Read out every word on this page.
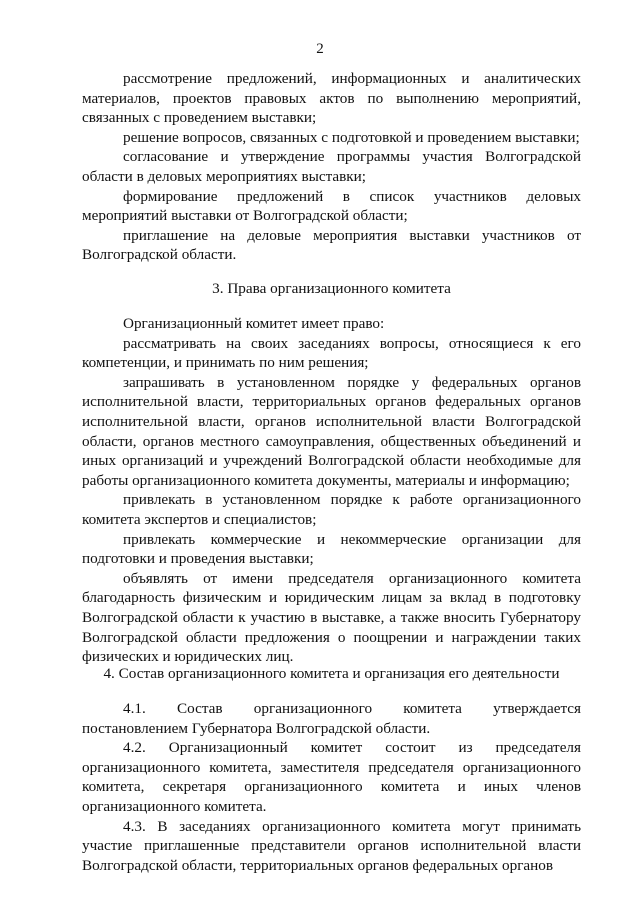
2

рассмотрение предложений, информационных и аналитических материалов, проектов правовых актов по выполнению мероприятий, связанных с проведением выставки;

решение вопросов, связанных с подготовкой и проведением выставки;

согласование и утверждение программы участия Волгоградской области в деловых мероприятиях выставки;

формирование предложений в список участников деловых мероприятий выставки от Волгоградской области;

приглашение на деловые мероприятия выставки участников от Волгоградской области.

3. Права организационного комитета

Организационный комитет имеет право:

рассматривать на своих заседаниях вопросы, относящиеся к его компетенции, и принимать по ним решения;

запрашивать в установленном порядке у федеральных органов исполнительной власти, территориальных органов федеральных органов исполнительной власти, органов исполнительной власти Волгоградской области, органов местного самоуправления, общественных объединений и иных организаций и учреждений Волгоградской области необходимые для работы организационного комитета документы, материалы и информацию;

привлекать в установленном порядке к работе организационного комитета экспертов и специалистов;

привлекать коммерческие и некоммерческие организации для подготовки и проведения выставки;

объявлять от имени председателя организационного комитета благодарность физическим и юридическим лицам за вклад в подготовку Волгоградской области к участию в выставке, а также вносить Губернатору Волгоградской области предложения о поощрении и награждении таких физических и юридических лиц.

4. Состав организационного комитета и организация его деятельности

4.1. Состав организационного комитета утверждается постановлением Губернатора Волгоградской области.

4.2. Организационный комитет состоит из председателя организационного комитета, заместителя председателя организационного комитета, секретаря организационного комитета и иных членов организационного комитета.

4.3. В заседаниях организационного комитета могут принимать участие приглашенные представители органов исполнительной власти Волгоградской области, территориальных органов федеральных органов
